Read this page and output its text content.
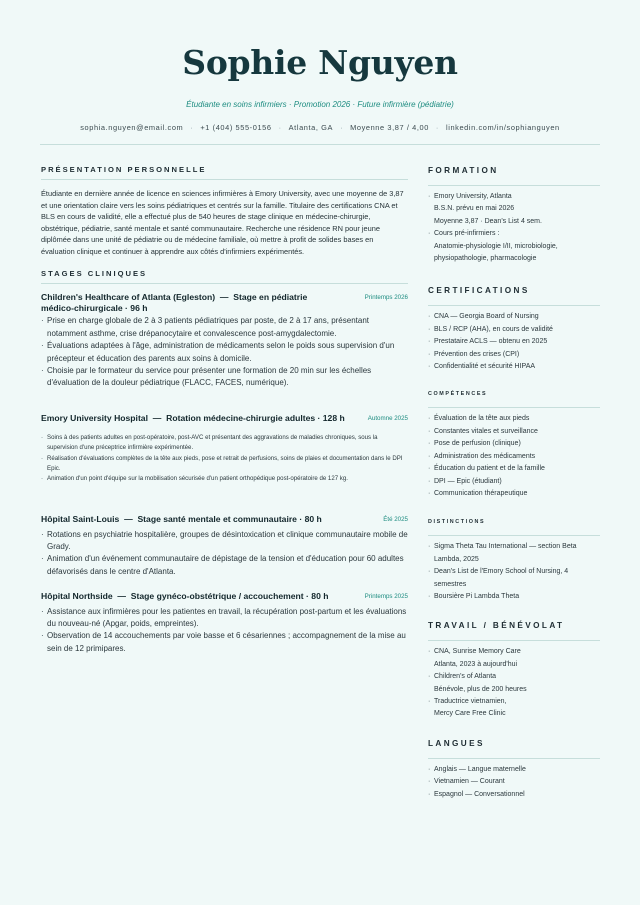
Sophie Nguyen
Étudiante en soins infirmiers · Promotion 2026 · Future infirmière (pédiatrie)
sophia.nguyen@email.com · +1 (404) 555-0156 · Atlanta, GA · Moyenne 3,87 / 4,00 · linkedin.com/in/sophianguyen
PRÉSENTATION PERSONNELLE
Étudiante en dernière année de licence en sciences infirmières à Emory University, avec une moyenne de 3,87 et une orientation claire vers les soins pédiatriques et centrés sur la famille. Titulaire des certifications CNA et BLS en cours de validité, elle a effectué plus de 540 heures de stage clinique en médecine-chirurgie, obstétrique, pédiatrie, santé mentale et santé communautaire. Recherche une résidence RN pour jeune diplômée dans une unité de pédiatrie ou de médecine familiale, où mettre à profit de solides bases en évaluation clinique et continuer à apprendre aux côtés d'infirmiers expérimentés.
STAGES CLINIQUES
Children's Healthcare of Atlanta (Egleston) — Stage en pédiatrie médico-chirurgicale · 96 h
Printemps 2026
· Prise en charge globale de 2 à 3 patients pédiatriques par poste, de 2 à 17 ans, présentant notamment asthme, crise drépanocytaire et convalescence post-amygdalectomie.
· Évaluations adaptées à l'âge, administration de médicaments selon le poids sous supervision d'un précepteur et éducation des parents aux soins à domicile.
· Choisie par le formateur du service pour présenter une formation de 20 min sur les échelles d'évaluation de la douleur pédiatrique (FLACC, FACES, numérique).
Emory University Hospital — Rotation médecine-chirurgie adultes · 128 h	Automne 2025
· Soins à des patients adultes en post-opératoire, post-AVC et présentant des aggravations de maladies chroniques, sous la supervision d'une préceptrice infirmière expérimentée.
· Réalisation d'évaluations complètes de la tête aux pieds, pose et retrait de perfusions, soins de plaies et documentation dans le DPI Epic.
· Animation d'un point d'équipe sur la mobilisation sécurisée d'un patient orthopédique post-opératoire de 127 kg.
Hôpital Saint-Louis — Stage santé mentale et communautaire · 80 h	Été 2025
· Rotations en psychiatrie hospitalière, groupes de désintoxication et clinique communautaire mobile de Grady.
· Animation d'un événement communautaire de dépistage de la tension et d'éducation pour 60 adultes défavorisés dans le centre d'Atlanta.
Hôpital Northside — Stage gynéco-obstétrique / accouchement · 80 h	Printemps 2025
· Assistance aux infirmières pour les patientes en travail, la récupération post-partum et les évaluations du nouveau-né (Apgar, poids, empreintes).
· Observation de 14 accouchements par voie basse et 6 césariennes ; accompagnement de la mise au sein de 12 primipares.
FORMATION
· Emory University, Atlanta
B.S.N. prévu en mai 2026
Moyenne 3,87 · Dean's List 4 sem.
· Cours pré-infirmiers :
Anatomie-physiologie I/II, microbiologie,
physiopathologie, pharmacologie
CERTIFICATIONS
· CNA — Georgia Board of Nursing
· BLS / RCP (AHA), en cours de validité
· Prestataire ACLS — obtenu en 2025
· Prévention des crises (CPI)
· Confidentialité et sécurité HIPAA
COMPÉTENCES
· Évaluation de la tête aux pieds
· Constantes vitales et surveillance
· Pose de perfusion (clinique)
· Administration des médicaments
· Éducation du patient et de la famille
· DPI — Epic (étudiant)
· Communication thérapeutique
DISTINCTIONS
· Sigma Theta Tau International — section Beta
Lambda, 2025
· Dean's List de l'Emory School of Nursing, 4
semestres
· Boursière Pi Lambda Theta
TRAVAIL / BÉNÉVOLAT
· CNA, Sunrise Memory Care
Atlanta, 2023 à aujourd'hui
· Children's of Atlanta
Bénévole, plus de 200 heures
· Traductrice vietnamien,
Mercy Care Free Clinic
LANGUES
· Anglais — Langue maternelle
· Vietnamien — Courant
· Espagnol — Conversationnel
